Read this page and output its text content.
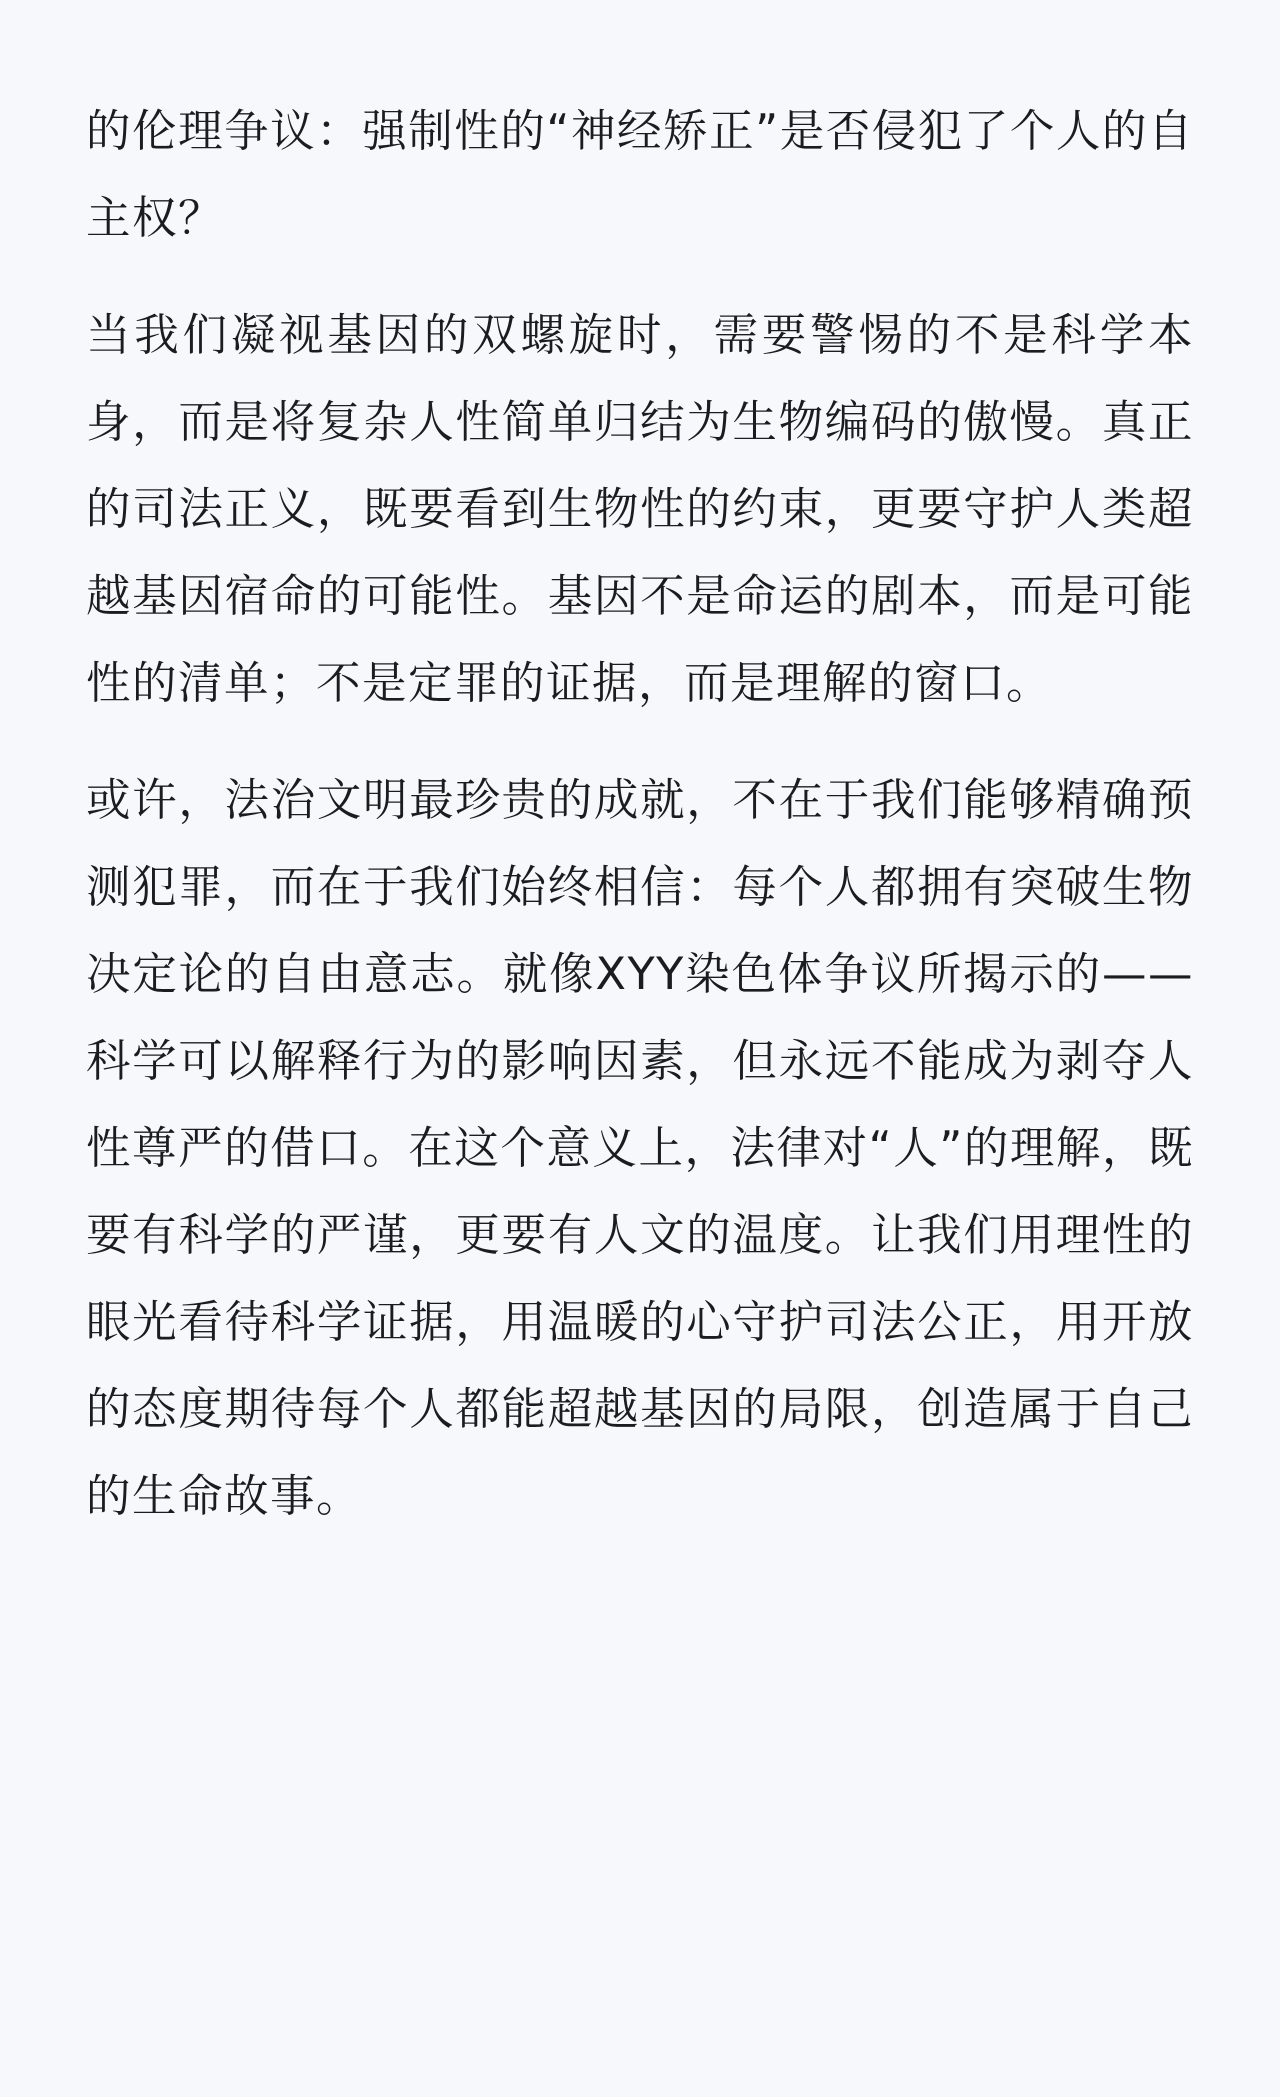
的伦理争议：强制性的“神经矫正”是否侵犯了个人的自主权？

当我们凝视基因的双螺旋时，需要警惕的不是科学本身，而是将复杂人性简单归结为生物编码的傲慢。真正的司法正义，既要看到生物性的约束，更要守护人类超越基因宿命的可能性。基因不是命运的剧本，而是可能性的清单；不是定罪的证据，而是理解的窗口。

或许，法治文明最珍贵的成就，不在于我们能够精确预测犯罪，而在于我们始终相信：每个人都拥有突破生物决定论的自由意志。就像XYY染色体争议所揭示的——科学可以解释行为的影响因素，但永远不能成为剥夺人性尊严的借口。在这个意义上，法律对“人”的理解，既要有科学的严谨，更要有人文的温度。让我们用理性的眼光看待科学证据，用温暖的心守护司法公正，用开放的态度期待每个人都能超越基因的局限，创造属于自己的生命故事。
